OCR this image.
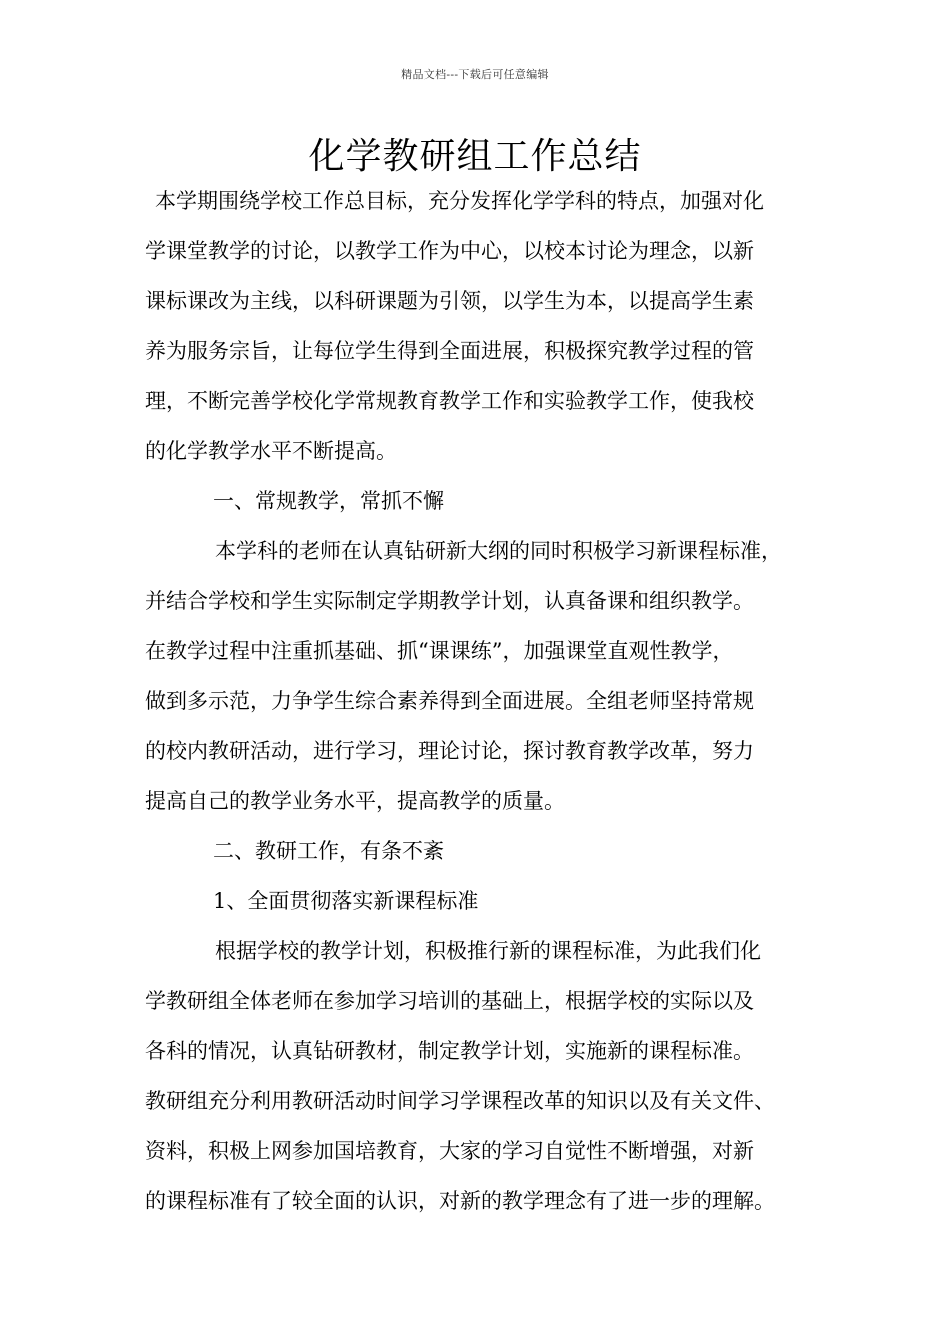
精品文档---下载后可任意编辑
化学教研组工作总结
本学期围绕学校工作总目标，充分发挥化学学科的特点，加强对化
学课堂教学的讨论，以教学工作为中心，以校本讨论为理念，以新
课标课改为主线，以科研课题为引领，以学生为本，以提高学生素
养为服务宗旨，让每位学生得到全面进展，积极探究教学过程的管
理，不断完善学校化学常规教育教学工作和实验教学工作，使我校
的化学教学水平不断提高。
一、常规教学，常抓不懈
本学科的老师在认真钻研新大纲的同时积极学习新课程标准，
并结合学校和学生实际制定学期教学计划，认真备课和组织教学。
在教学过程中注重抓基础、抓“课课练”，加强课堂直观性教学，
做到多示范，力争学生综合素养得到全面进展。全组老师坚持常规
的校内教研活动，进行学习，理论讨论，探讨教育教学改革，努力
提高自己的教学业务水平，提高教学的质量。
二、教研工作，有条不紊
1、全面贯彻落实新课程标准
根据学校的教学计划，积极推行新的课程标准，为此我们化
学教研组全体老师在参加学习培训的基础上，根据学校的实际以及
各科的情况，认真钻研教材，制定教学计划，实施新的课程标准。
教研组充分利用教研活动时间学习学课程改革的知识以及有关文件、
资料，积极上网参加国培教育，大家的学习自觉性不断增强，对新
的课程标准有了较全面的认识，对新的教学理念有了进一步的理解。
